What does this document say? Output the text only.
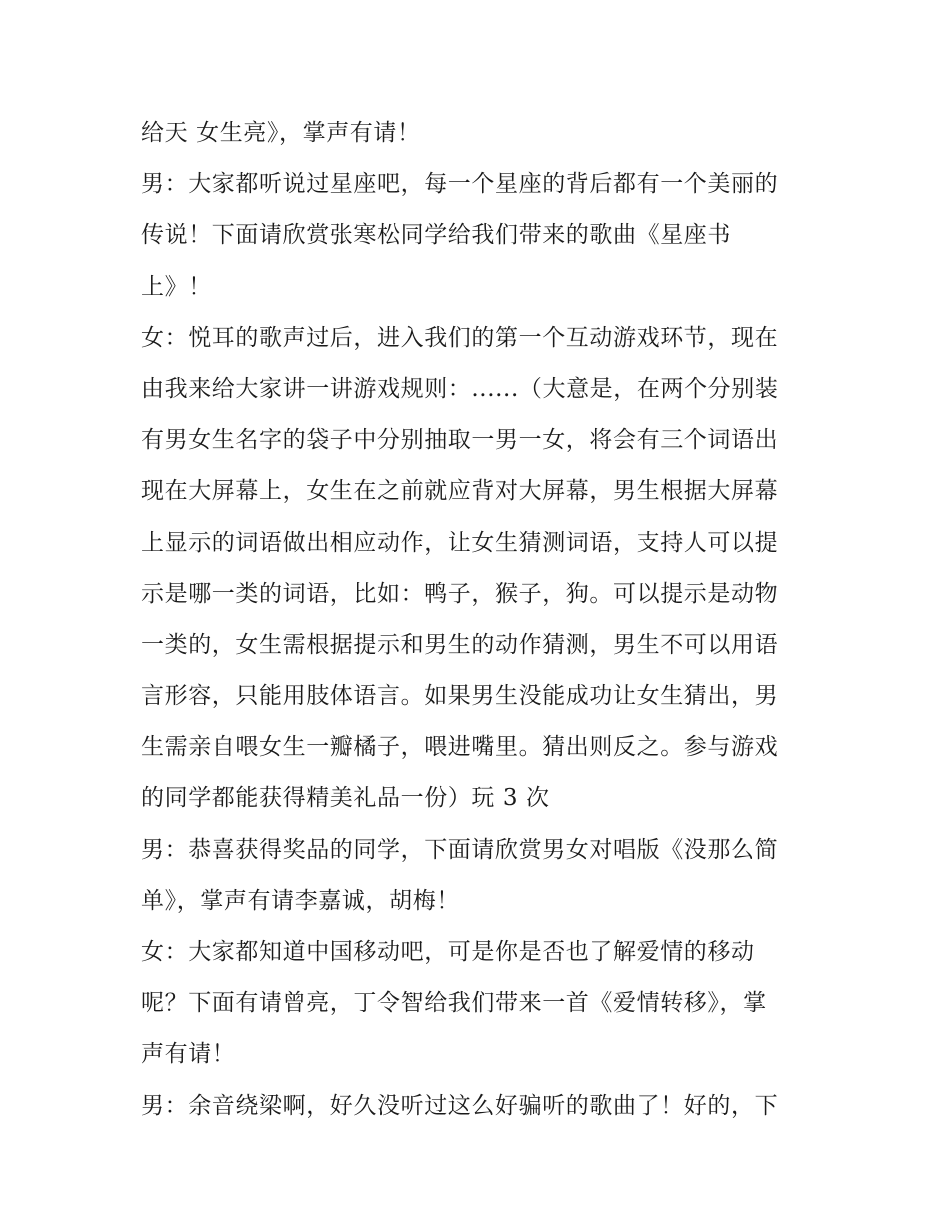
给天 女生亮》，掌声有请！
男：大家都听说过星座吧，每一个星座的背后都有一个美丽的
传说！下面请欣赏张寒松同学给我们带来的歌曲《星座书
上》！
女：悦耳的歌声过后，进入我们的第一个互动游戏环节，现在
由我来给大家讲一讲游戏规则：......（大意是，在两个分别装
有男女生名字的袋子中分别抽取一男一女，将会有三个词语出
现在大屏幕上，女生在之前就应背对大屏幕，男生根据大屏幕
上显示的词语做出相应动作，让女生猜测词语，支持人可以提
示是哪一类的词语，比如：鸭子，猴子，狗。可以提示是动物
一类的，女生需根据提示和男生的动作猜测，男生不可以用语
言形容，只能用肢体语言。如果男生没能成功让女生猜出，男
生需亲自喂女生一瓣橘子，喂进嘴里。猜出则反之。参与游戏
的同学都能获得精美礼品一份）玩 3 次
男：恭喜获得奖品的同学，下面请欣赏男女对唱版《没那么简
单》，掌声有请李嘉诚，胡梅！
女：大家都知道中国移动吧，可是你是否也了解爱情的移动
呢？下面有请曾亮，丁令智给我们带来一首《爱情转移》，掌
声有请！
男：余音绕梁啊，好久没听过这么好骗听的歌曲了！好的，下
